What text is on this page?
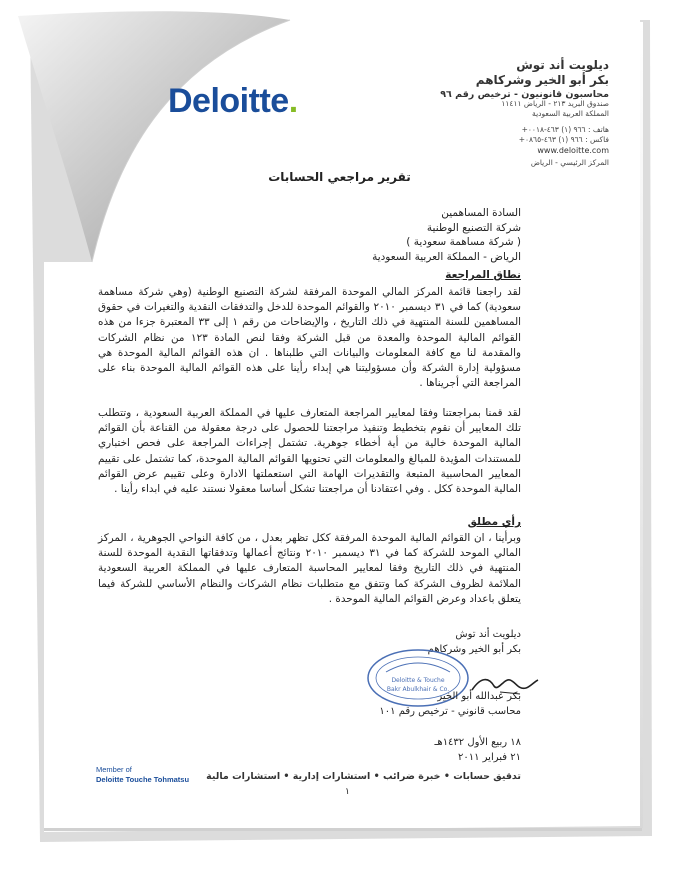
Deloitte.
ديلويت أند توش
بكر أبو الخير وشركاهم
محاسبون قانونيون - ترخيص رقم ٩٦
صندوق البريد ٢١٣ - الرياض ١١٤١١
المملكة العربية السعودية
هاتف : +٩٦٦ (١) ٤٦٣-٠٠١٨
فاكس : +٩٦٦ (١) ٤٦٣-٠٨٦٥
www.deloitte.com
المركز الرئيسي - الرياض
تقرير مراجعي الحسابات
السادة المساهمين
شركة التصنيع الوطنية
( شركة مساهمة سعودية )
الرياض - المملكة العربية السعودية
نطاق المراجعة
لقد راجعنا قائمة المركز المالي الموحدة المرفقة لشركة التصنيع الوطنية (وهي شركة مساهمة سعودية) كما في ٣١ ديسمبر ٢٠١٠ والقوائم الموحدة للدخل والتدفقات النقدية والتغيرات في حقوق المساهمين للسنة المنتهية في ذلك التاريخ ، والإيضاحات من رقم ١ إلى ٣٣ المعتبرة جزءا من هذه القوائم المالية الموحدة والمعدة من قبل الشركة وفقا لنص المادة ١٢٣ من نظام الشركات والمقدمة لنا مع كافة المعلومات والبيانات التي طلبناها . ان هذه القوائم المالية الموحدة هي مسؤولية إدارة الشركة وأن مسؤوليتنا هي إبداء رأينا على هذه القوائم المالية الموحدة بناء على المراجعة التي أجريناها .
لقد قمنا بمراجعتنا وفقا لمعايير المراجعة المتعارف عليها في المملكة العربية السعودية ، وتتطلب تلك المعايير أن نقوم بتخطيط وتنفيذ مراجعتنا للحصول على درجة معقولة من القناعة بأن القوائم المالية الموحدة خالية من أية أخطاء جوهرية. تشتمل إجراءات المراجعة على فحص اختباري للمستندات المؤيدة للمبالغ والمعلومات التي تحتويها القوائم المالية الموحدة، كما تشتمل على تقييم المعايير المحاسبية المتبعة والتقديرات الهامة التي استعملتها الادارة وعلى تقييم عرض القوائم المالية الموحدة ككل . وفي اعتقادنا أن مراجعتنا تشكل أساسا معقولا نستند عليه في ابداء رأينا .
رأي مطلق
وبرأينا ، ان القوائم المالية الموحدة المرفقة ككل تظهر بعدل ، من كافة النواحي الجوهرية ، المركز المالي الموحد للشركة كما في ٣١ ديسمبر ٢٠١٠ ونتائج أعمالها وتدفقاتها النقدية الموحدة للسنة المنتهية في ذلك التاريخ وفقا لمعايير المحاسبة المتعارف عليها في المملكة العربية السعودية الملائمة لظروف الشركة كما وتتفق مع متطلبات نظام الشركات والنظام الأساسي للشركة فيما يتعلق باعداد وعرض القوائم المالية الموحدة .
ديلويت أند توش
بكر أبو الخير وشركاهم
Deloitte & Touche
Bakr Abulkhair & Co.
بكر عبدالله أبو الخير
محاسب قانوني - ترخيص رقم ١٠١
١٨ ربيع الأول ١٤٣٢هـ
٢١ فبراير ٢٠١١
Member of
Deloitte Touche Tohmatsu	تدقيق حسابات • خبرة ضرائب • استشارات إدارية • استشارات مالية
١
